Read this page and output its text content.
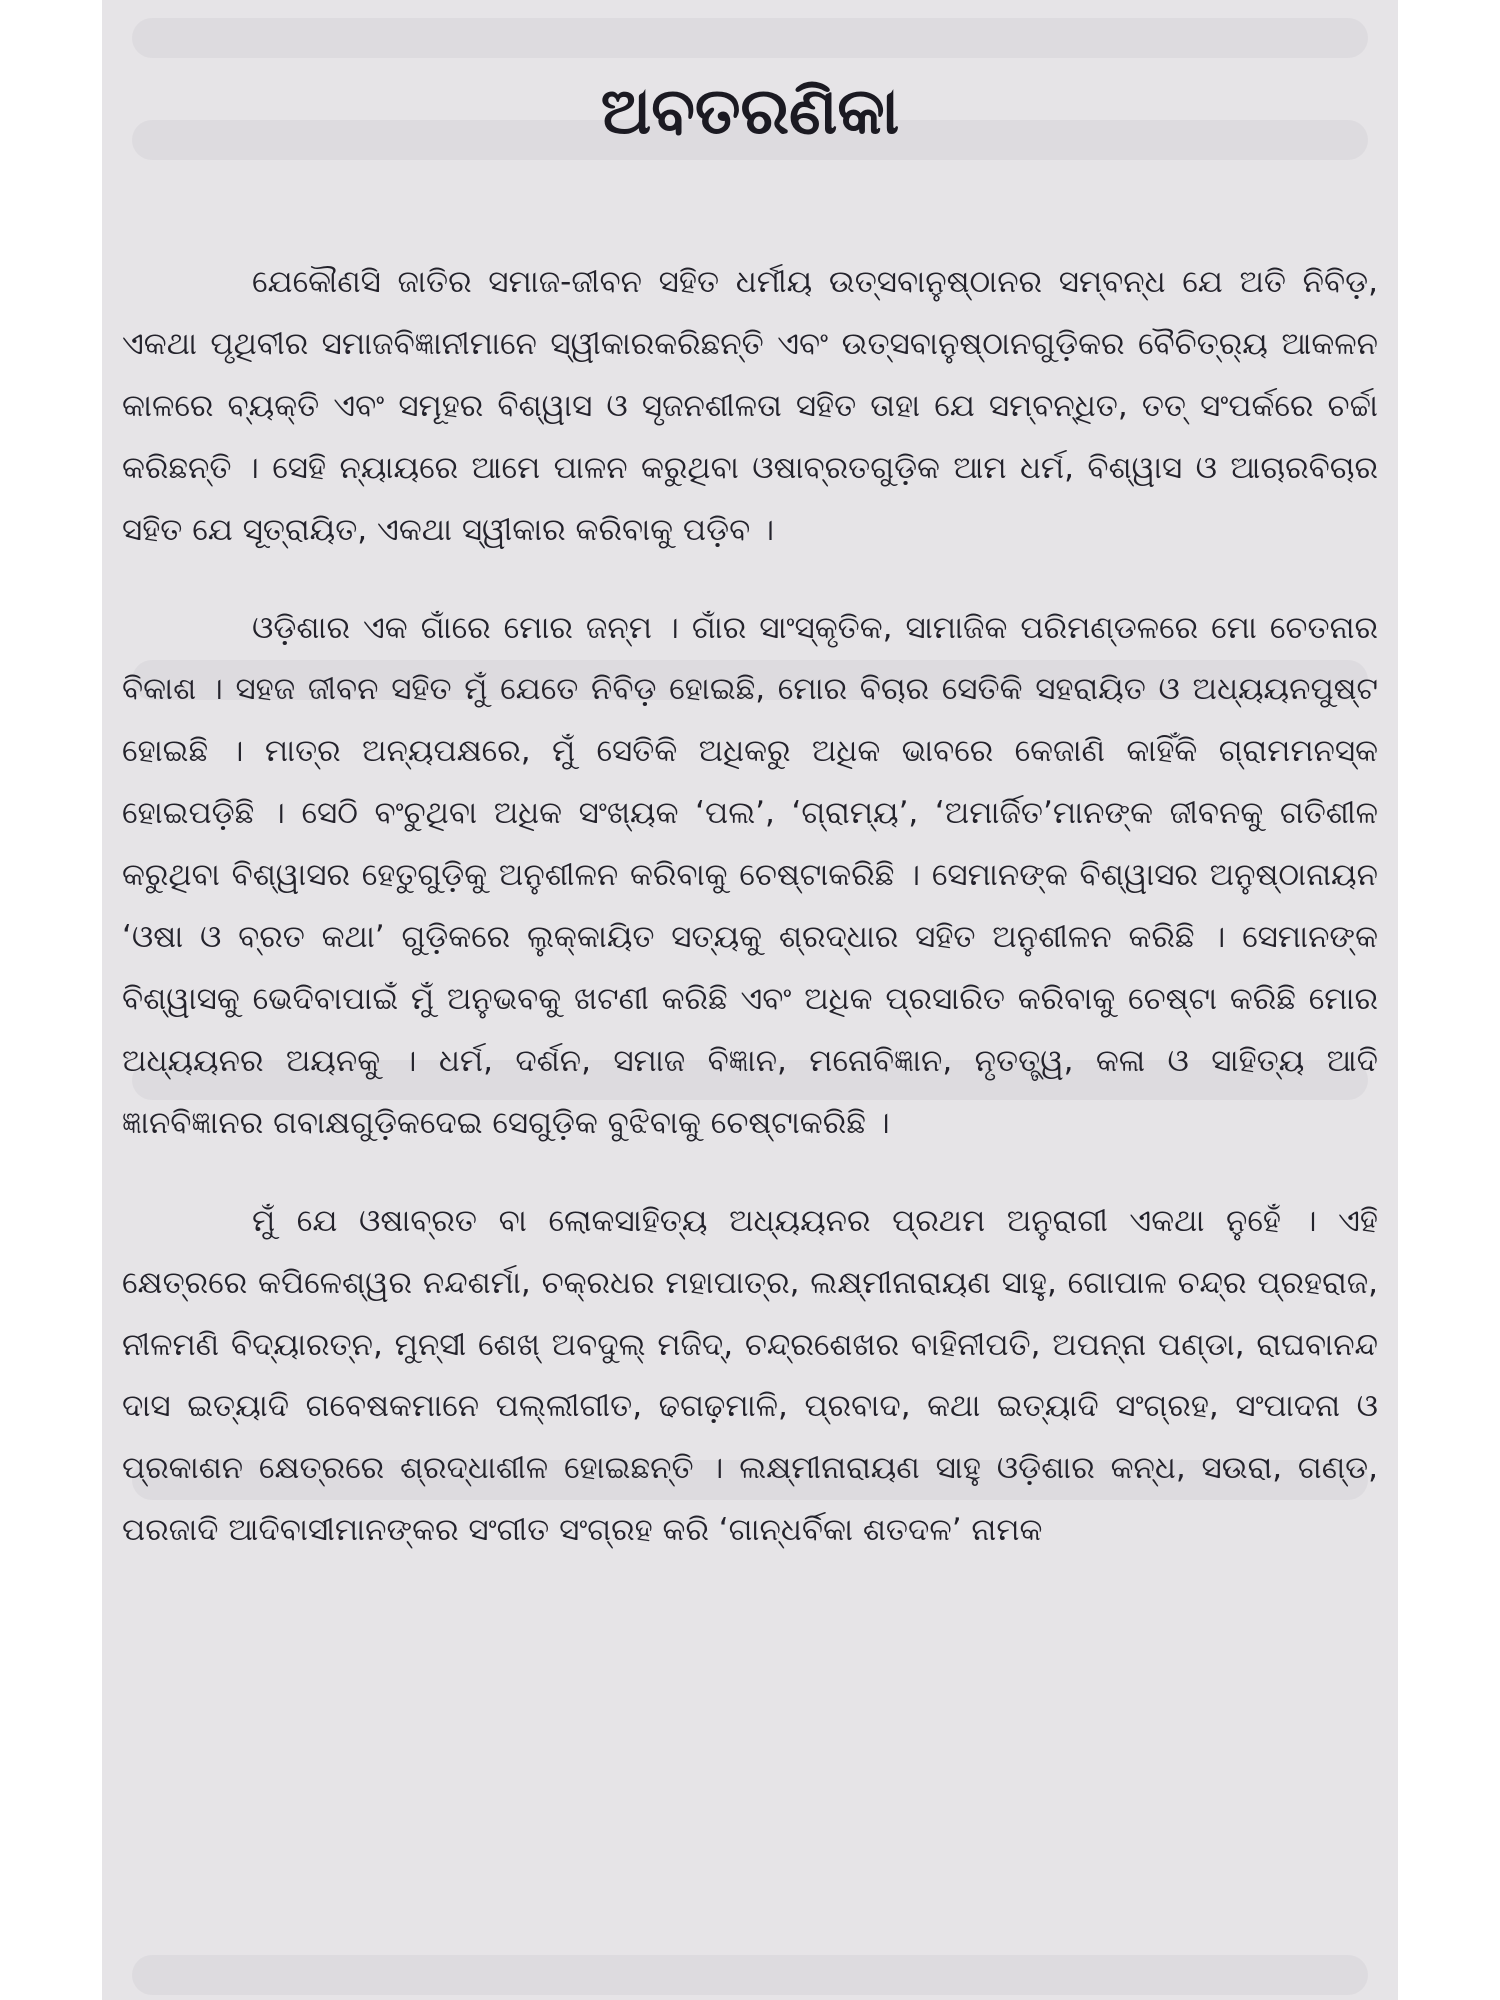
ଅବତରଣିକା

ଯେକୌଣସି ଜାତିର ସମାଜ-ଜୀବନ ସହିତ ଧର୍ମୀୟ ଉତ୍ସବାନୁଷ୍ଠାନର ସମ୍ବନ୍ଧ ଯେ ଅତି ନିବିଡ଼, ଏକଥା ପୃଥିବୀର ସମାଜବିଜ୍ଞାନୀମାନେ ସ୍ୱୀକାରକରିଛନ୍ତି ଏବଂ ଉତ୍ସବାନୁଷ୍ଠାନଗୁଡ଼ିକର ବୈଚିତ୍ର୍ୟ ଆକଳନ କାଳରେ ବ୍ୟକ୍ତି ଏବଂ ସମୂହର ବିଶ୍ୱାସ ଓ ସୃଜନଶୀଳତା ସହିତ ତାହା ଯେ ସମ୍ବନ୍ଧିତ, ତତ୍ ସଂପର୍କରେ ଚର୍ଚ୍ଚା କରିଛନ୍ତି । ସେହି ନ୍ୟାୟରେ ଆମେ ପାଳନ କରୁଥିବା ଓଷାବ୍ରତଗୁଡ଼ିକ ଆମ ଧର୍ମ, ବିଶ୍ୱାସ ଓ ଆଚାରବିଚାର ସହିତ ଯେ ସୂତ୍ରାୟିତ, ଏକଥା ସ୍ୱୀକାର କରିବାକୁ ପଡ଼ିବ ।

ଓଡ଼ିଶାର ଏକ ଗାଁରେ ମୋର ଜନ୍ମ । ଗାଁର ସାଂସ୍କୃତିକ, ସାମାଜିକ ପରିମଣ୍ଡଳରେ ମୋ ଚେତନାର ବିକାଶ । ସହଜ ଜୀବନ ସହିତ ମୁଁ ଯେତେ ନିବିଡ଼ ହୋଇଛି, ମୋର ବିଚାର ସେତିକି ସହରାୟିତ ଓ ଅଧ୍ୟୟନପୁଷ୍ଟ ହୋଇଛି । ମାତ୍ର ଅନ୍ୟପକ୍ଷରେ, ମୁଁ ସେତିକି ଅଧିକରୁ ଅଧିକ ଭାବରେ କେଜାଣି କାହିଁକି ଗ୍ରାମମନସ୍କ ହୋଇପଡ଼ିଛି । ସେଠି ବଂଚୁଥିବା ଅଧିକ ସଂଖ୍ୟକ ‘ପଲ’, ‘ଗ୍ରାମ୍ୟ’, ‘ଅମାର୍ଜିତ’ମାନଙ୍କ ଜୀବନକୁ ଗତିଶୀଳ କରୁଥିବା ବିଶ୍ୱାସର ହେତୁଗୁଡ଼ିକୁ ଅନୁଶୀଳନ କରିବାକୁ ଚେଷ୍ଟାକରିଛି । ସେମାନଙ୍କ ବିଶ୍ୱାସର ଅନୁଷ୍ଠାନାୟନ ‘ଓଷା ଓ ବ୍ରତ କଥା’ ଗୁଡ଼ିକରେ ଲୁକ୍‌କାୟିତ ସତ୍ୟକୁ ଶ୍ରଦ୍ଧାର ସହିତ ଅନୁଶୀଳନ କରିଛି । ସେମାନଙ୍କ ବିଶ୍ୱାସକୁ ଭେଦିବାପାଇଁ ମୁଁ ଅନୁଭବକୁ ଖଟଣୀ କରିଛି ଏବଂ ଅଧିକ ପ୍ରସାରିତ କରିବାକୁ ଚେଷ୍ଟା କରିଛି ମୋର ଅଧ୍ୟୟନର ଅୟନକୁ । ଧର୍ମ, ଦର୍ଶନ, ସମାଜ ବିଜ୍ଞାନ, ମନୋବିଜ୍ଞାନ, ନୃତତ୍ତ୍ୱ, କଳା ଓ ସାହିତ୍ୟ ଆଦି ଜ୍ଞାନବିଜ୍ଞାନର ଗବାକ୍ଷଗୁଡ଼ିକଦେଇ ସେଗୁଡ଼ିକ ବୁଝିବାକୁ ଚେଷ୍ଟାକରିଛି ।

ମୁଁ ଯେ ଓଷାବ୍ରତ ବା ଲୋକସାହିତ୍ୟ ଅଧ୍ୟୟନର ପ୍ରଥମ ଅନୁରାଗୀ ଏକଥା ନୁହେଁ । ଏହି କ୍ଷେତ୍ରରେ କପିଳେଶ୍ୱର ନନ୍ଦଶର୍ମା, ଚକ୍ରଧର ମହାପାତ୍ର, ଲକ୍ଷ୍ମୀନାରାୟଣ ସାହୁ, ଗୋପାଳ ଚନ୍ଦ୍ର ପ୍ରହରାଜ, ନୀଳମଣି ବିଦ୍ୟାରତ୍ନ, ମୁନ୍‌ସୀ ଶେଖ୍ ଅବଦୁଲ୍ ମଜିଦ୍, ଚନ୍ଦ୍ରଶେଖର ବାହିନୀପତି, ଅପନ୍ନା ପଣ୍ଡା, ରାଘବାନନ୍ଦ ଦାସ ଇତ୍ୟାଦି ଗବେଷକମାନେ ପଲ୍ଲୀଗୀତ, ଢଗଢ଼ମାଳି, ପ୍ରବାଦ, କଥା ଇତ୍ୟାଦି ସଂଗ୍ରହ, ସଂପାଦନା ଓ ପ୍ରକାଶନ କ୍ଷେତ୍ରରେ ଶ୍ରଦ୍ଧାଶୀଳ ହୋଇଛନ୍ତି । ଲକ୍ଷ୍ମୀନାରାୟଣ ସାହୁ ଓଡ଼ିଶାର କନ୍ଧ, ସଉରା, ଗଣ୍ଡ, ପରଜାଦି ଆଦିବାସୀମାନଙ୍କର ସଂଗୀତ ସଂଗ୍ରହ କରି ‘ଗାନ୍ଧର୍ବିକା ଶତଦଳ’ ନାମକ
